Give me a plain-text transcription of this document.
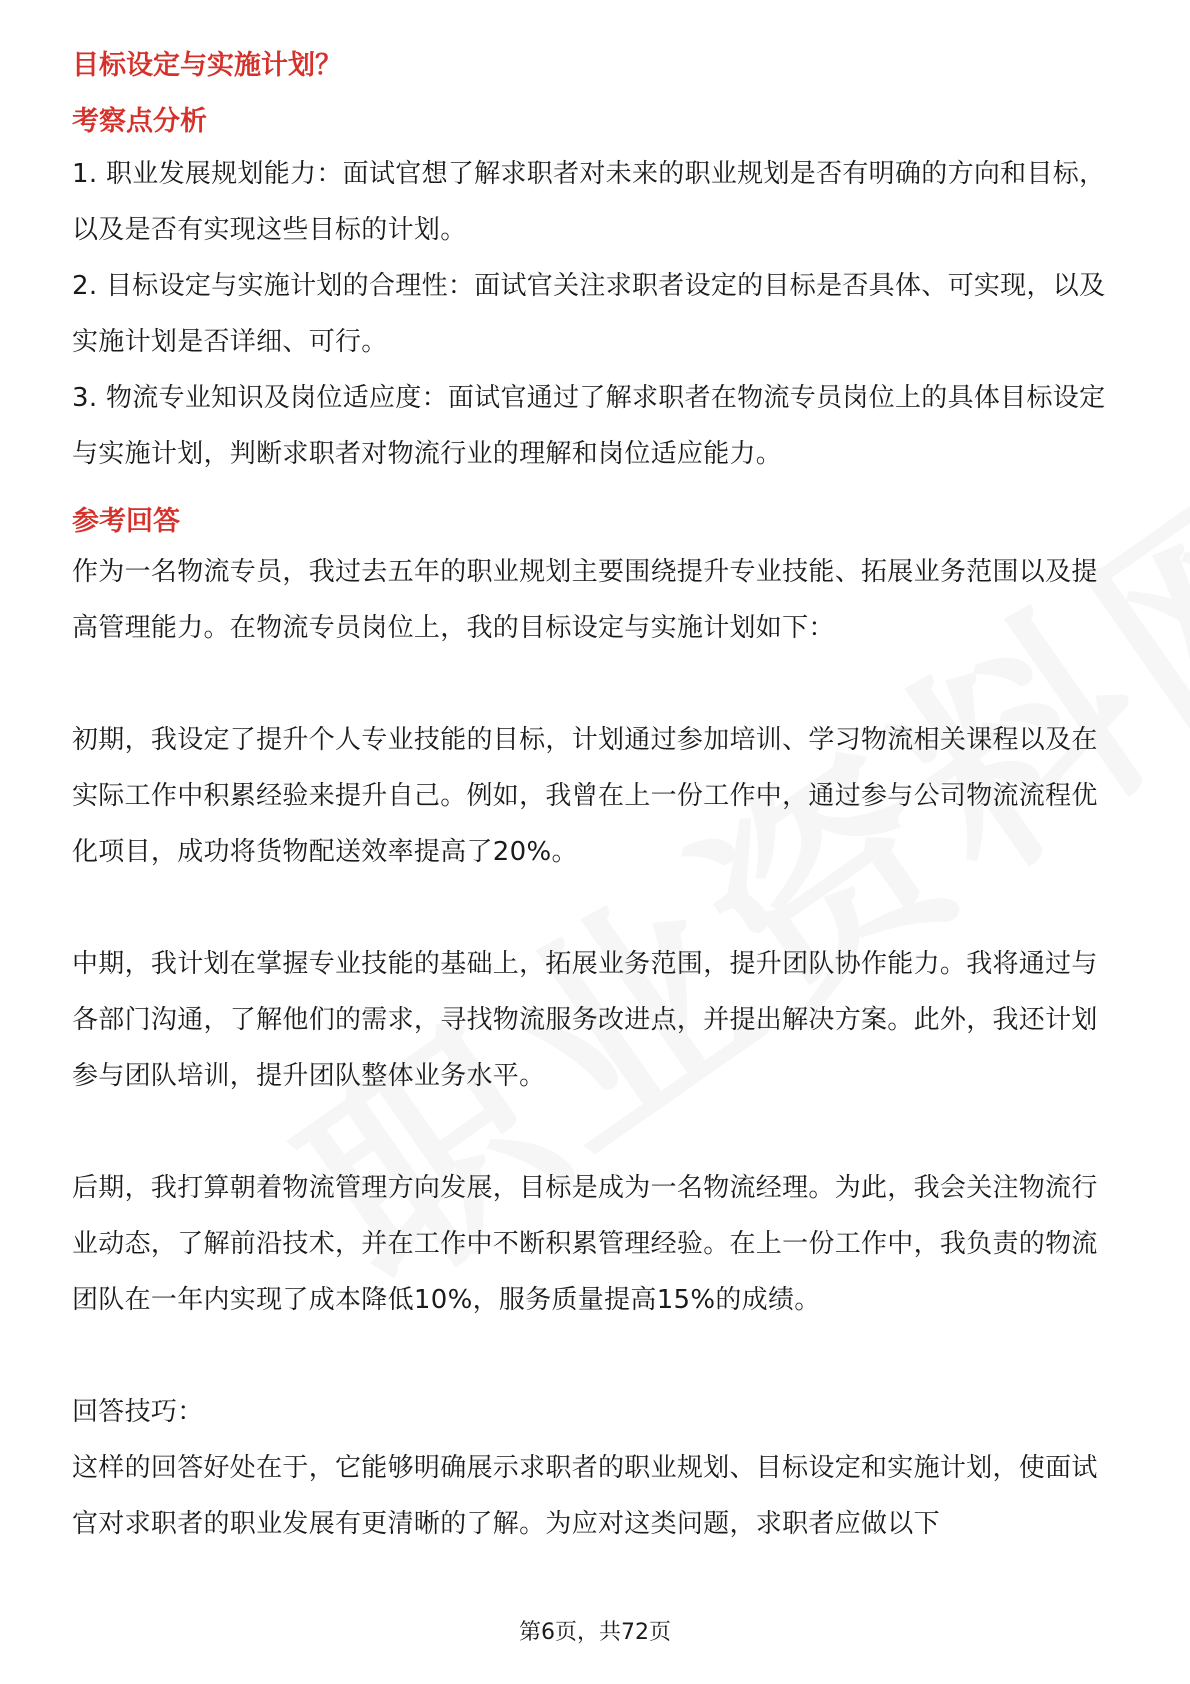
目标设定与实施计划？

考察点分析

1. 职业发展规划能力：面试官想了解求职者对未来的职业规划是否有明确的方向和目标，以及是否有实现这些目标的计划。

2. 目标设定与实施计划的合理性：面试官关注求职者设定的目标是否具体、可实现，以及实施计划是否详细、可行。

3. 物流专业知识及岗位适应度：面试官通过了解求职者在物流专员岗位上的具体目标设定与实施计划，判断求职者对物流行业的理解和岗位适应能力。

参考回答

作为一名物流专员，我过去五年的职业规划主要围绕提升专业技能、拓展业务范围以及提高管理能力。在物流专员岗位上，我的目标设定与实施计划如下：

初期，我设定了提升个人专业技能的目标，计划通过参加培训、学习物流相关课程以及在实际工作中积累经验来提升自己。例如，我曾在上一份工作中，通过参与公司物流流程优化项目，成功将货物配送效率提高了20%。

中期，我计划在掌握专业技能的基础上，拓展业务范围，提升团队协作能力。我将通过与各部门沟通，了解他们的需求，寻找物流服务改进点，并提出解决方案。此外，我还计划参与团队培训，提升团队整体业务水平。

后期，我打算朝着物流管理方向发展，目标是成为一名物流经理。为此，我会关注物流行业动态，了解前沿技术，并在工作中不断积累管理经验。在上一份工作中，我负责的物流团队在一年内实现了成本降低10%，服务质量提高15%的成绩。

回答技巧：

这样的回答好处在于，它能够明确展示求职者的职业规划、目标设定和实施计划，使面试官对求职者的职业发展有更清晰的了解。为应对这类问题，求职者应做以下

第6页，共72页
